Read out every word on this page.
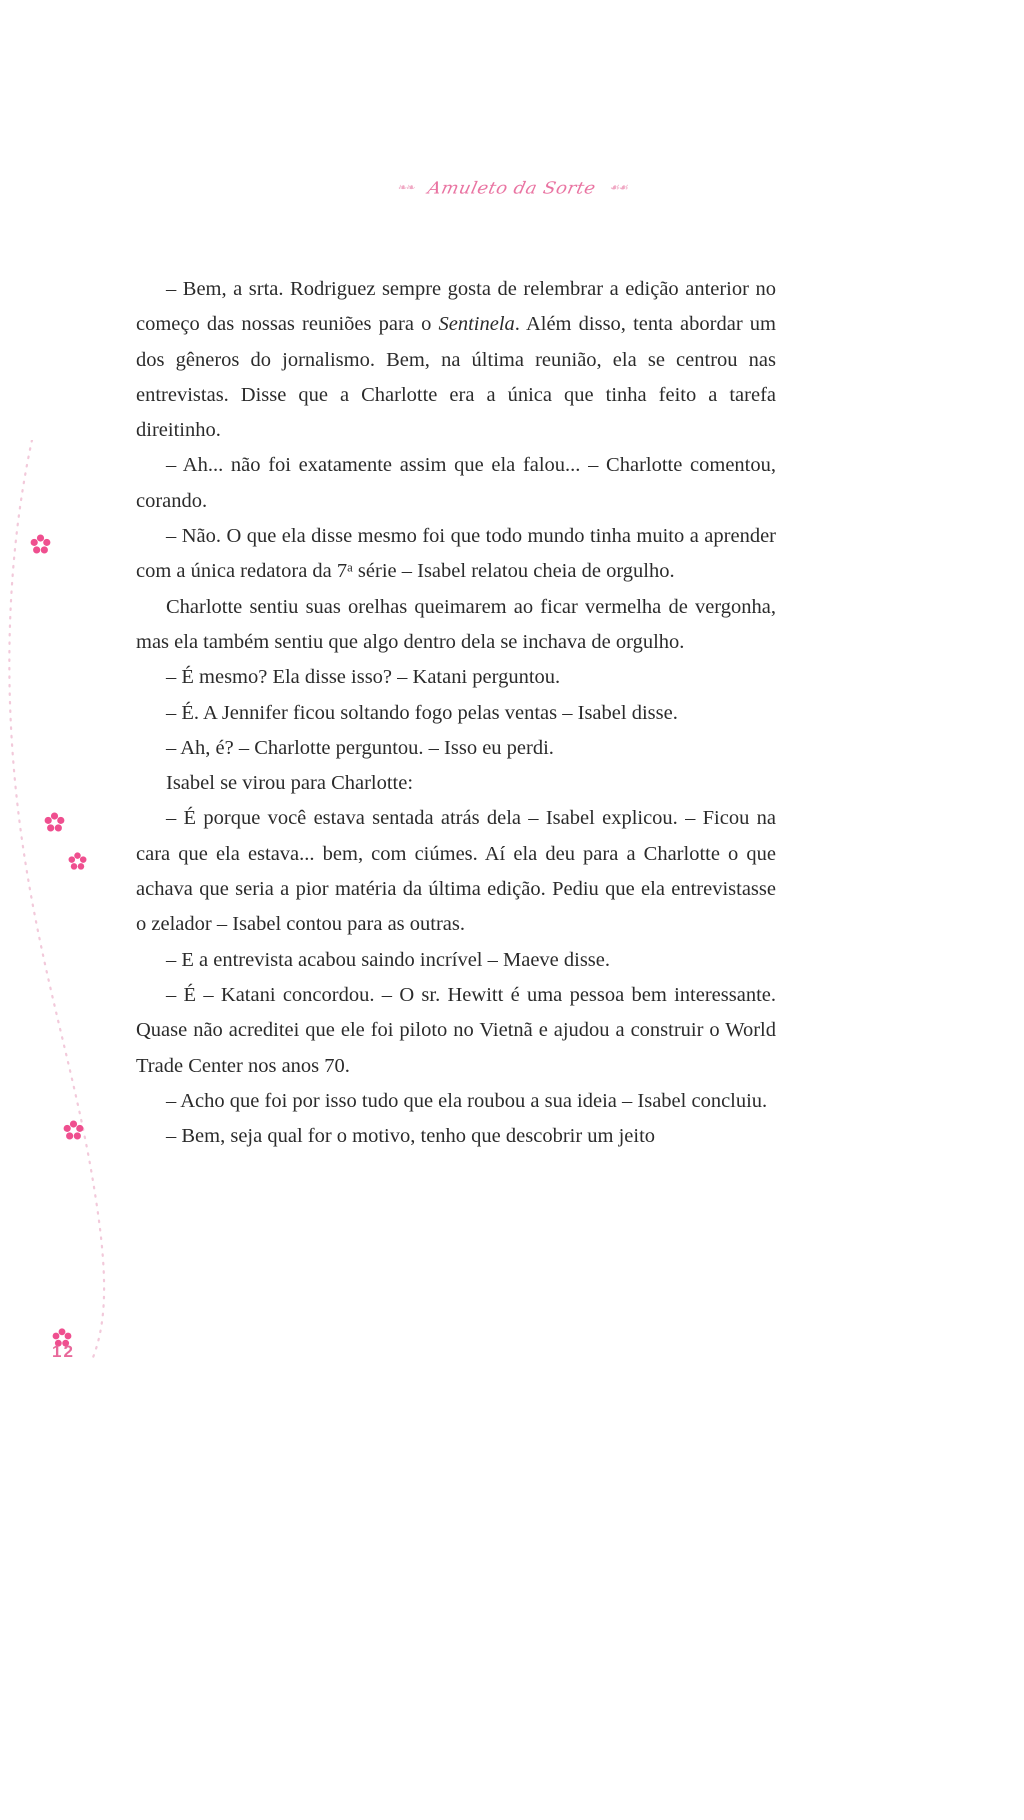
❧❧ Amuleto da Sorte ☙☙
12

– Bem, a srta. Rodriguez sempre gosta de relembrar a edição anterior no começo das nossas reuniões para o Sentinela. Além disso, tenta abordar um dos gêneros do jornalismo. Bem, na última reunião, ela se centrou nas entrevistas. Disse que a Charlotte era a única que tinha feito a tarefa direitinho.

– Ah... não foi exatamente assim que ela falou... – Charlotte comentou, corando.

– Não. O que ela disse mesmo foi que todo mundo tinha muito a aprender com a única redatora da 7$^a$ série – Isabel relatou cheia de orgulho.

Charlotte sentiu suas orelhas queimarem ao ficar vermelha de vergonha, mas ela também sentiu que algo dentro dela se inchava de orgulho.

– É mesmo? Ela disse isso? – Katani perguntou.

– É. A Jennifer ficou soltando fogo pelas ventas – Isabel disse.

– Ah, é? – Charlotte perguntou. – Isso eu perdi.

Isabel se virou para Charlotte:

– É porque você estava sentada atrás dela – Isabel explicou. – Ficou na cara que ela estava... bem, com ciúmes. Aí ela deu para a Charlotte o que achava que seria a pior matéria da última edição. Pediu que ela entrevistasse o zelador – Isabel contou para as outras.

– E a entrevista acabou saindo incrível – Maeve disse.

– É – Katani concordou. – O sr. Hewitt é uma pessoa bem interessante. Quase não acreditei que ele foi piloto no Vietnã e ajudou a construir o World Trade Center nos anos 70.

– Acho que foi por isso tudo que ela roubou a sua ideia – Isabel concluiu.

– Bem, seja qual for o motivo, tenho que descobrir um jeito
